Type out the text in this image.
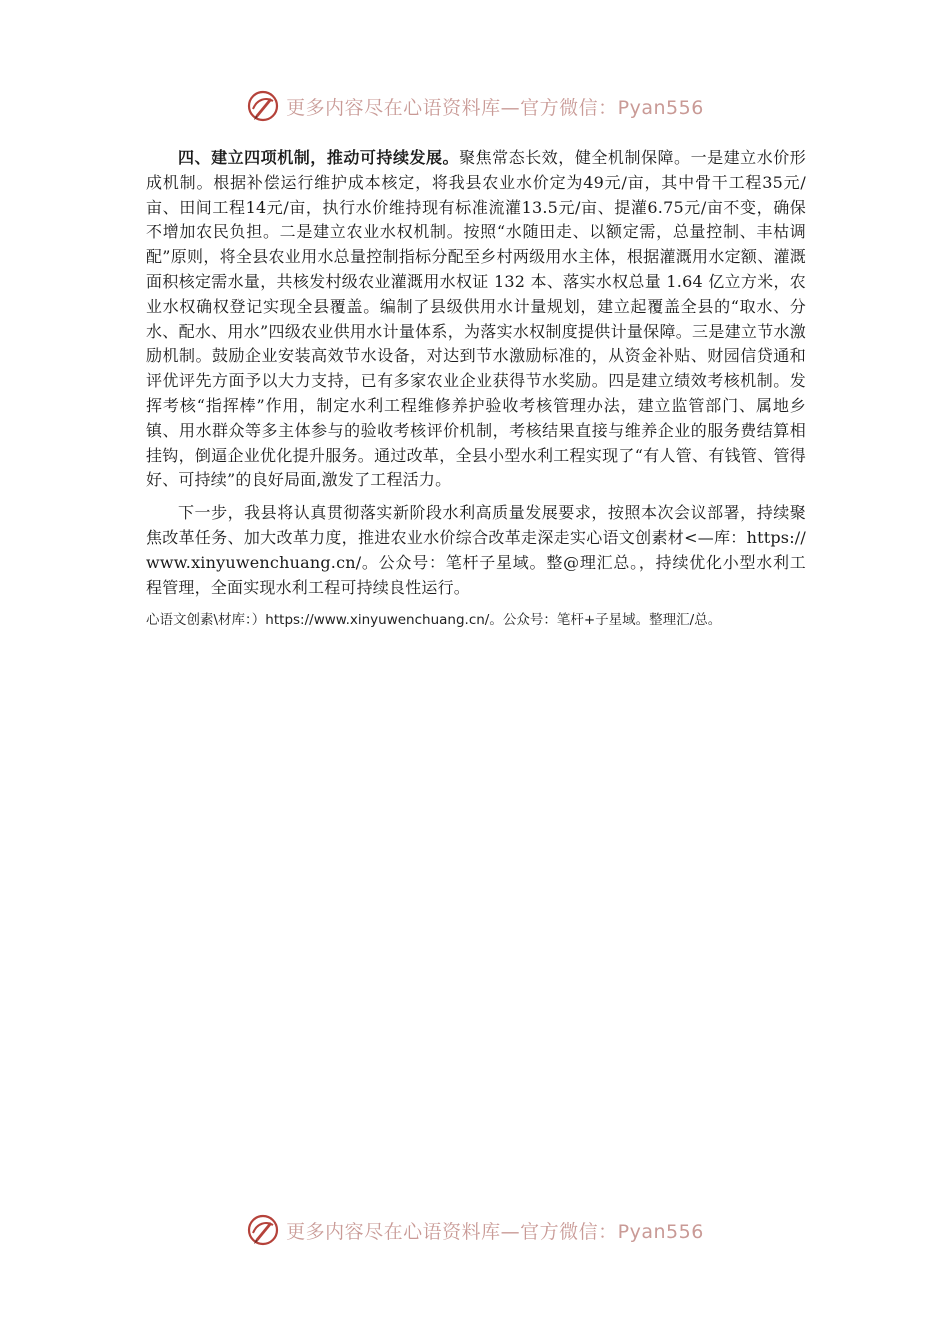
更多内容尽在心语资料库—官方微信：Pyan556

四、建立四项机制，推动可持续发展。聚焦常态长效，健全机制保障。一是建立水价形成机制。根据补偿运行维护成本核定，将我县农业水价定为49元/亩，其中骨干工程35元/亩、田间工程14元/亩，执行水价维持现有标准流灌13.5元/亩、提灌6.75元/亩不变，确保不增加农民负担。二是建立农业水权机制。按照“水随田走、以额定需，总量控制、丰枯调配”原则，将全县农业用水总量控制指标分配至乡村两级用水主体，根据灌溉用水定额、灌溉面积核定需水量，共核发村级农业灌溉用水权证 132 本、落实水权总量 1.64 亿立方米，农业水权确权登记实现全县覆盖。编制了县级供用水计量规划，建立起覆盖全县的“取水、分水、配水、用水”四级农业供用水计量体系，为落实水权制度提供计量保障。三是建立节水激励机制。鼓励企业安装高效节水设备，对达到节水激励标准的，从资金补贴、财园信贷通和评优评先方面予以大力支持，已有多家农业企业获得节水奖励。四是建立绩效考核机制。发挥考核“指挥棒”作用，制定水利工程维修养护验收考核管理办法，建立监管部门、属地乡镇、用水群众等多主体参与的验收考核评价机制，考核结果直接与维养企业的服务费结算相挂钩，倒逼企业优化提升服务。通过改革，全县小型水利工程实现了“有人管、有钱管、管得好、可持续”的良好局面,激发了工程活力。

下一步，我县将认真贯彻落实新阶段水利高质量发展要求，按照本次会议部署，持续聚焦改革任务、加大改革力度，推进农业水价综合改革走深走实心语文创素材<—库：https://www.xinyuwenchuang.cn/。公众号：笔杆子星域。整@理汇总。，持续优化小型水利工程管理，全面实现水利工程可持续良性运行。

心语文创素\材库：）https://www.xinyuwenchuang.cn/。公众号：笔杆+子星域。整理汇/总。

更多内容尽在心语资料库—官方微信：Pyan556
